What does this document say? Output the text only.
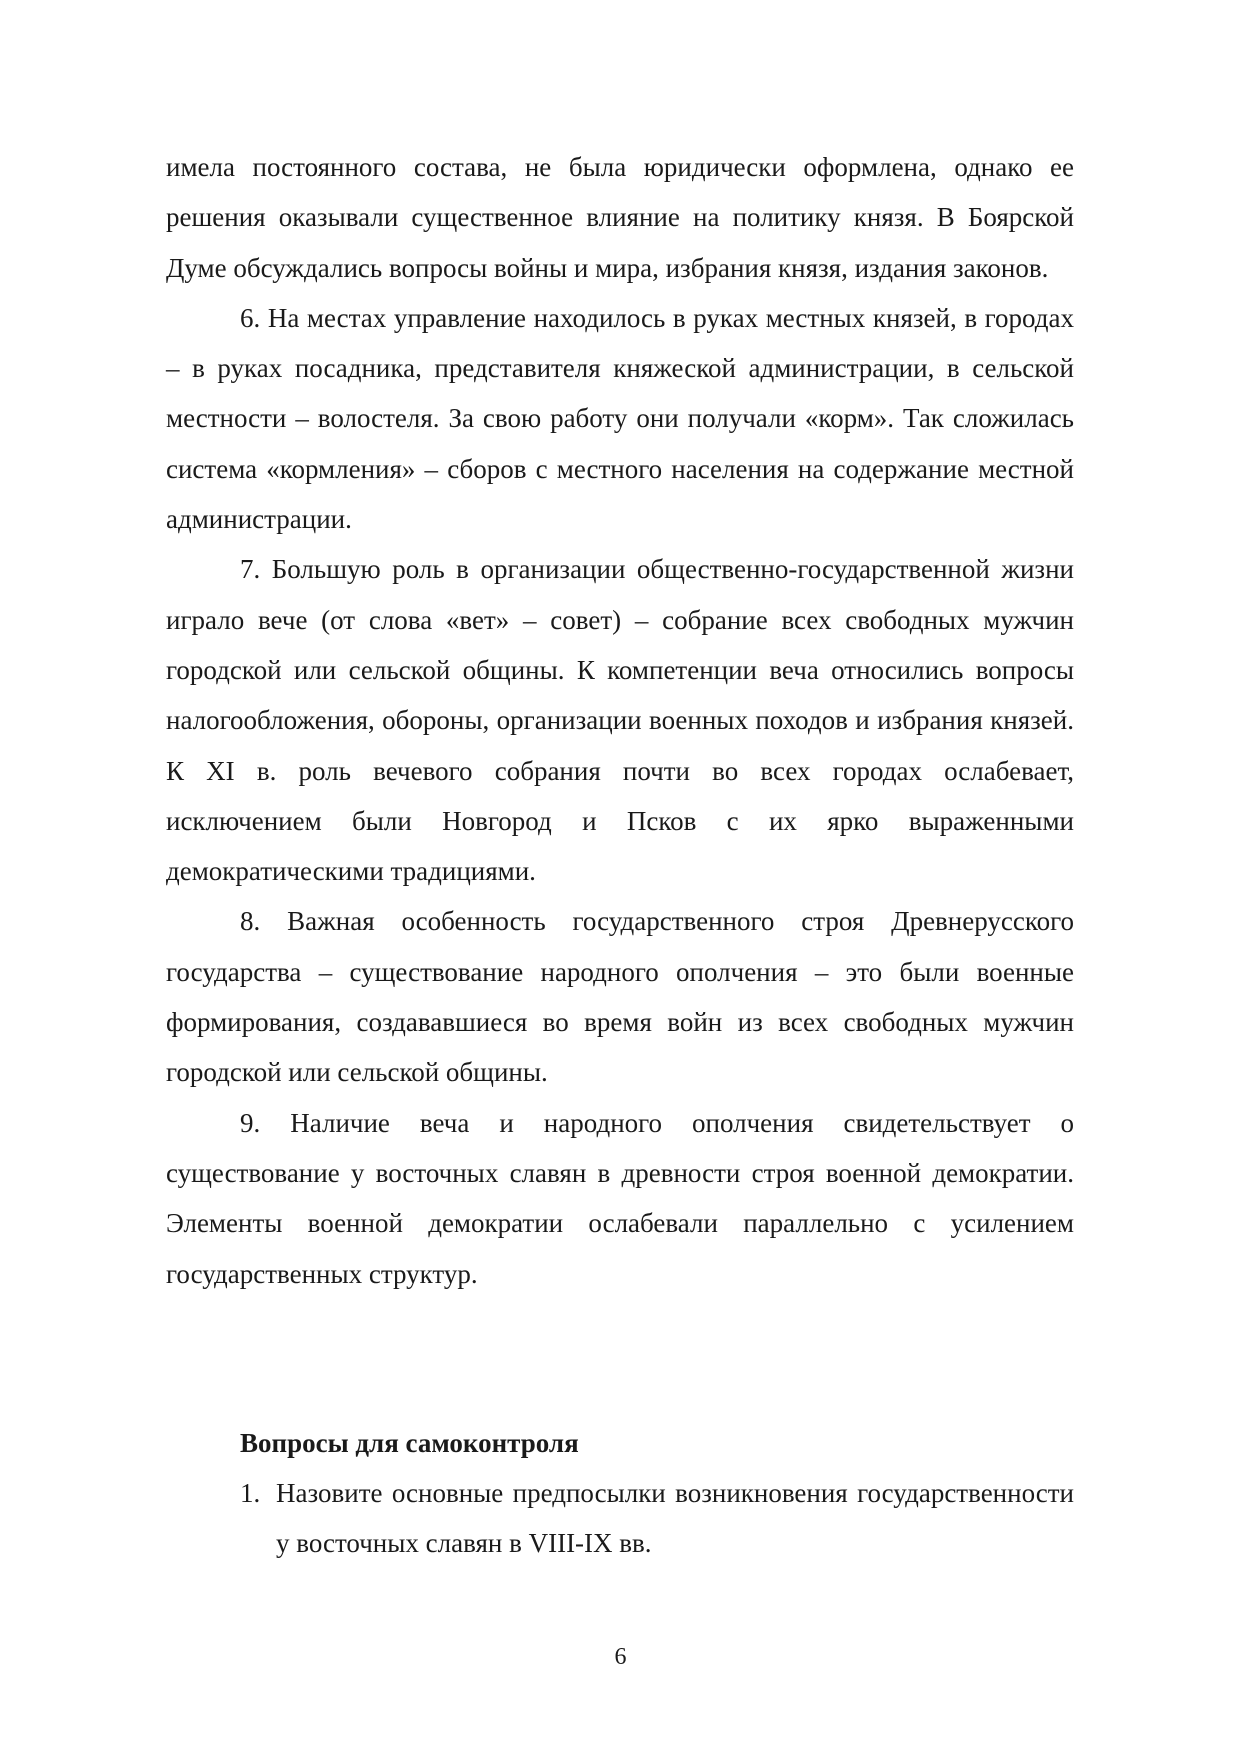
имела постоянного состава, не была юридически оформлена, однако ее решения оказывали существенное влияние на политику князя. В Боярской Думе обсуждались вопросы войны и мира, избрания князя, издания законов.

6. На местах управление находилось в руках местных князей, в городах – в руках посадника, представителя княжеской администрации, в сельской местности – волостеля. За свою работу они получали «корм». Так сложилась система «кормления» – сборов с местного населения на содержание местной администрации.

7. Большую роль в организации общественно-государственной жизни играло вече (от слова «вет» – совет) – собрание всех свободных мужчин городской или сельской общины. К компетенции веча относились вопросы налогообложения, обороны, организации военных походов и избрания князей. К XI в. роль вечевого собрания почти во всех городах ослабевает, исключением были Новгород и Псков с их ярко выраженными демократическими традициями.

8. Важная особенность государственного строя Древнерусского государства – существование народного ополчения – это были военные формирования, создававшиеся во время войн из всех свободных мужчин городской или сельской общины.

9. Наличие веча и народного ополчения свидетельствует о существование у восточных славян в древности строя военной демократии. Элементы военной демократии ослабевали параллельно с усилением государственных структур.

Вопросы для самоконтроля
1. Назовите основные предпосылки возникновения государственности у восточных славян в VIII-IX вв.

6
